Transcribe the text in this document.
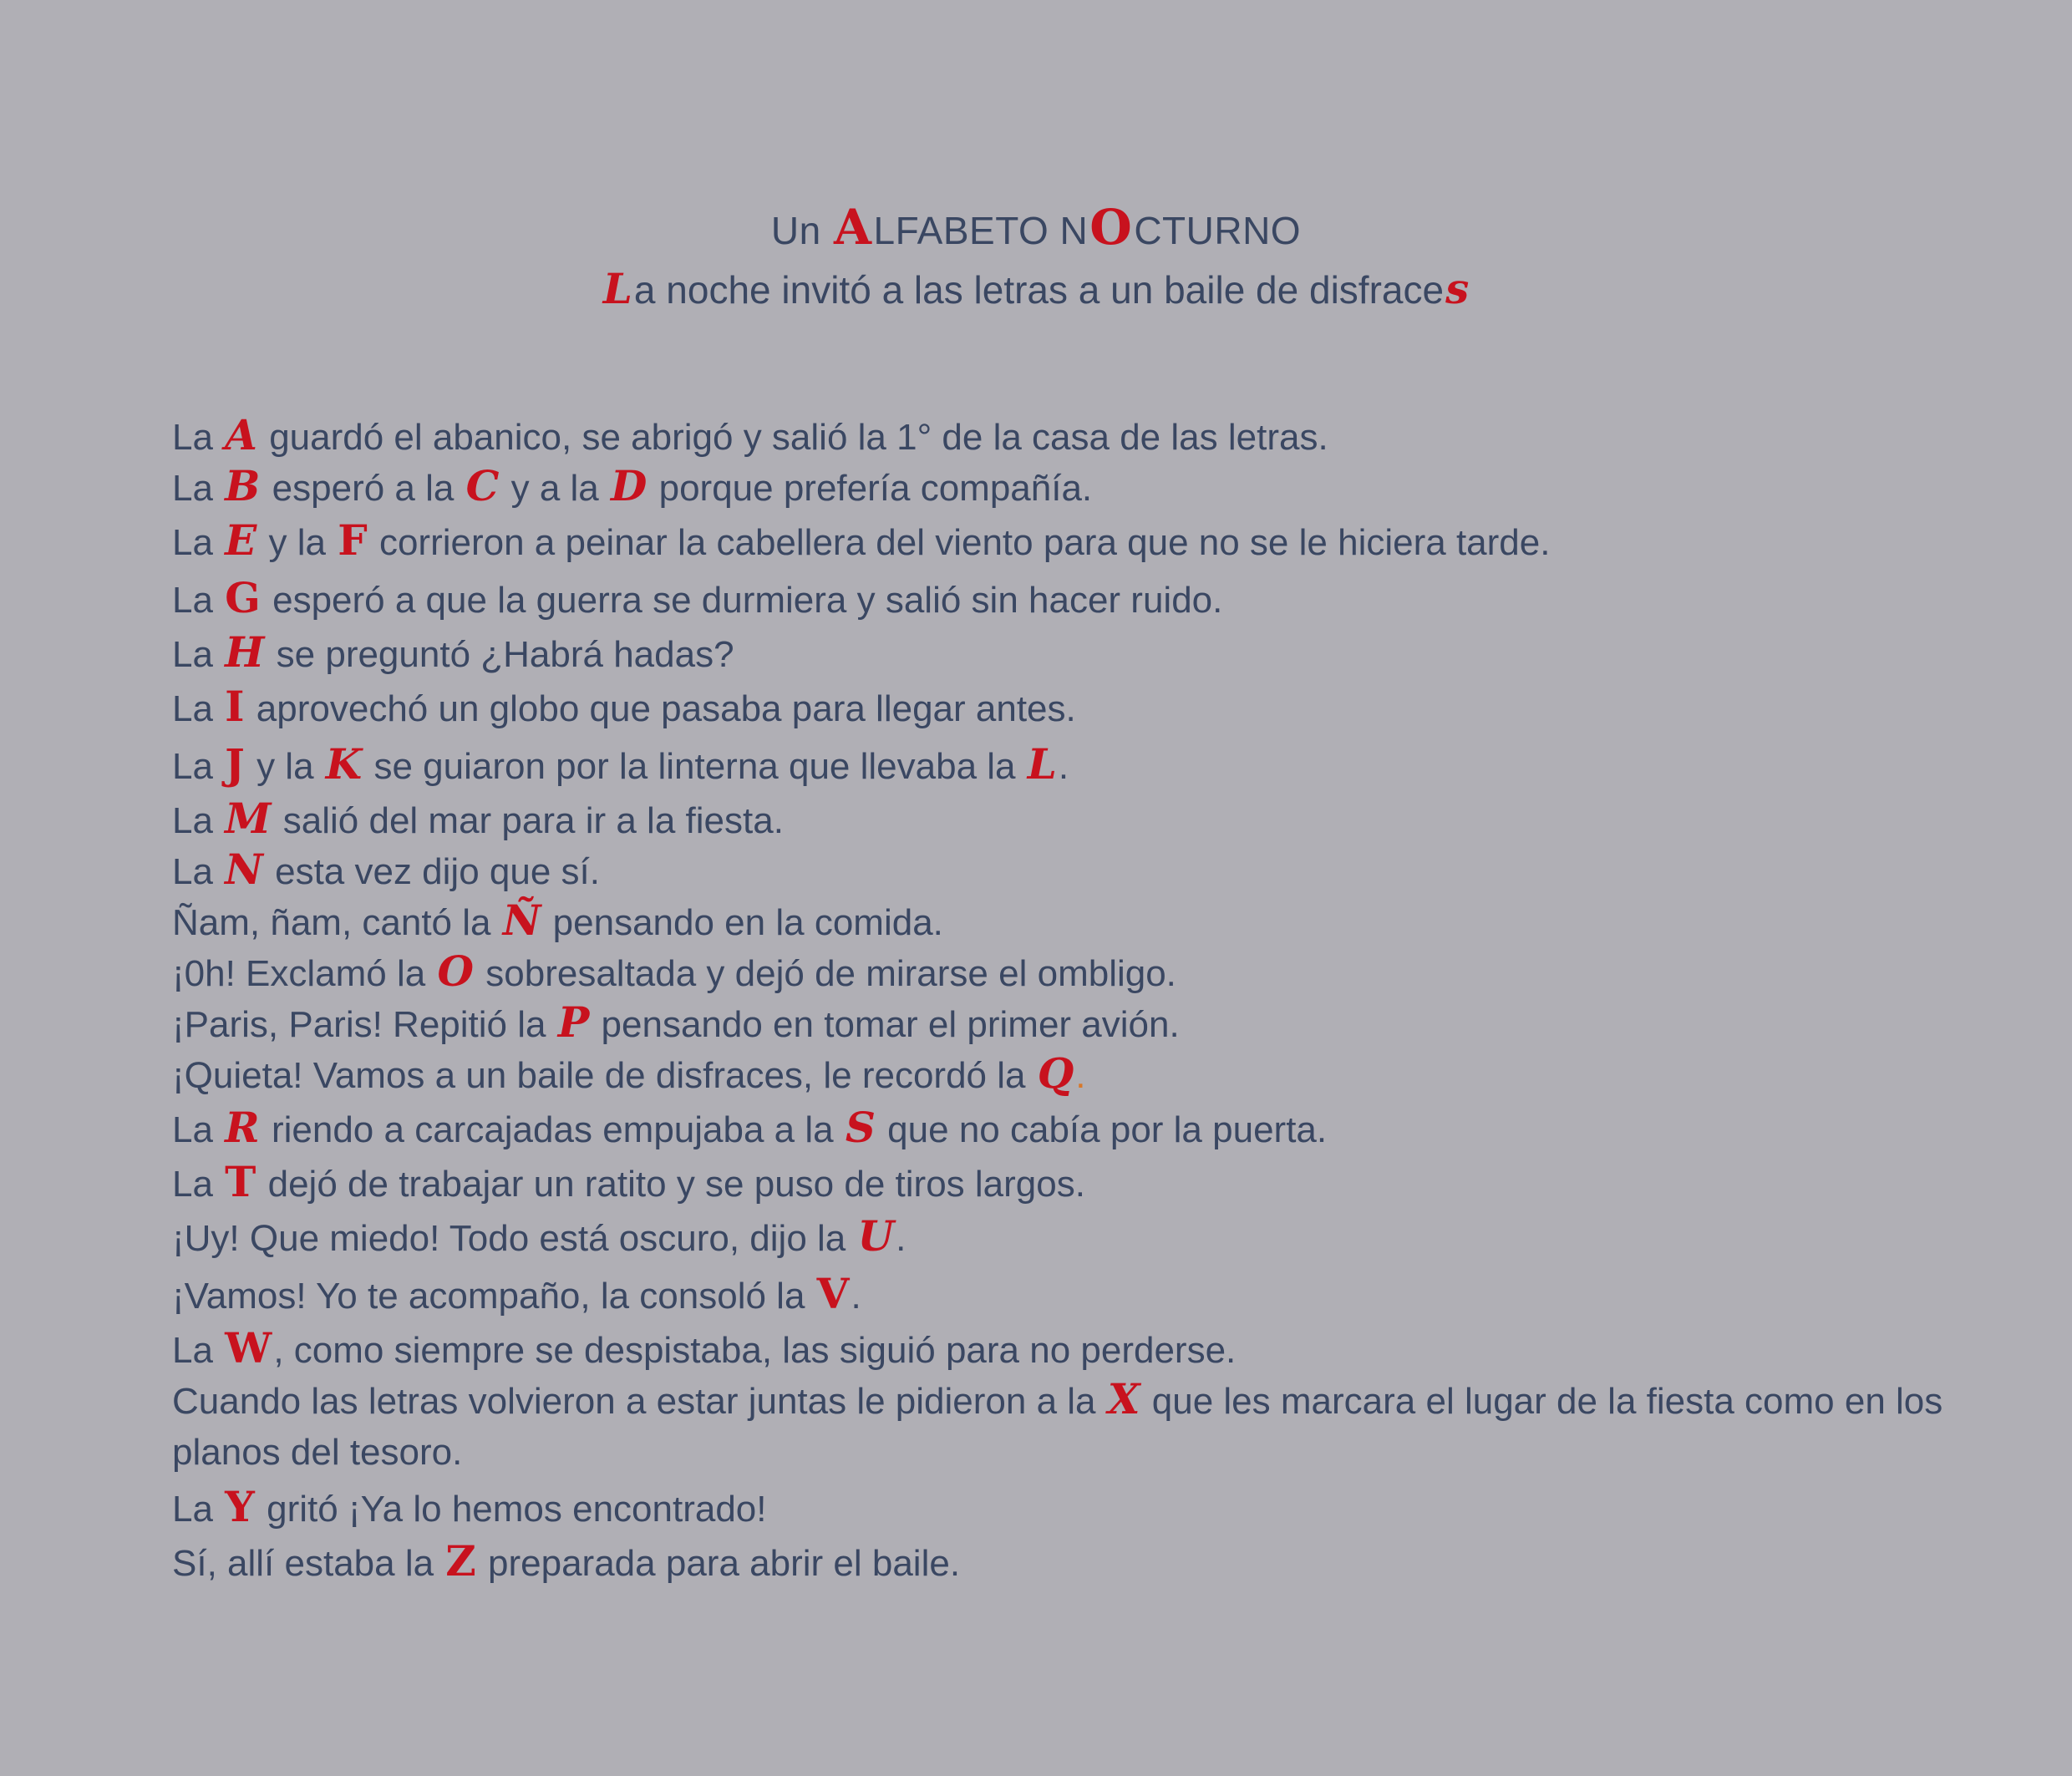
Un ALFABETO NOCTURNO
La noche invitó a las letras a un baile de disfraces
La A guardó el abanico, se abrigó y salió la 1° de la casa de las letras.
La B esperó a la C y a la D porque prefería compañía.
La E y la F corrieron a peinar la cabellera del viento para que no se le hiciera tarde.
La G esperó a que la guerra se durmiera y salió sin hacer ruido.
La H se preguntó ¿Habrá hadas?
La I aprovechó un globo que pasaba para llegar antes.
La J y la K se guiaron por la linterna que llevaba la L.
La M salió del mar para ir a la fiesta.
La N esta vez dijo que sí.
Ñam, ñam, cantó la Ñ pensando en la comida.
¡0h! Exclamó la O sobresaltada y dejó de mirarse el ombligo.
¡Paris, Paris! Repitió la P pensando en tomar el primer avión.
¡Quieta! Vamos a un baile de disfraces, le recordó la Q.
La R riendo a carcajadas empujaba a la S que no cabía por la puerta.
La T dejó de trabajar un ratito y se puso de tiros largos.
¡Uy! Que miedo! Todo está oscuro, dijo la U.
¡Vamos! Yo te acompaño, la consoló la V.
La W, como siempre se despistaba, las siguió para no perderse.
Cuando las letras volvieron a estar juntas le pidieron a la X que les marcara el lugar de la fiesta como en los planos del tesoro.
La Y gritó ¡Ya lo hemos encontrado!
Sí, allí estaba la Z preparada para abrir el baile.
